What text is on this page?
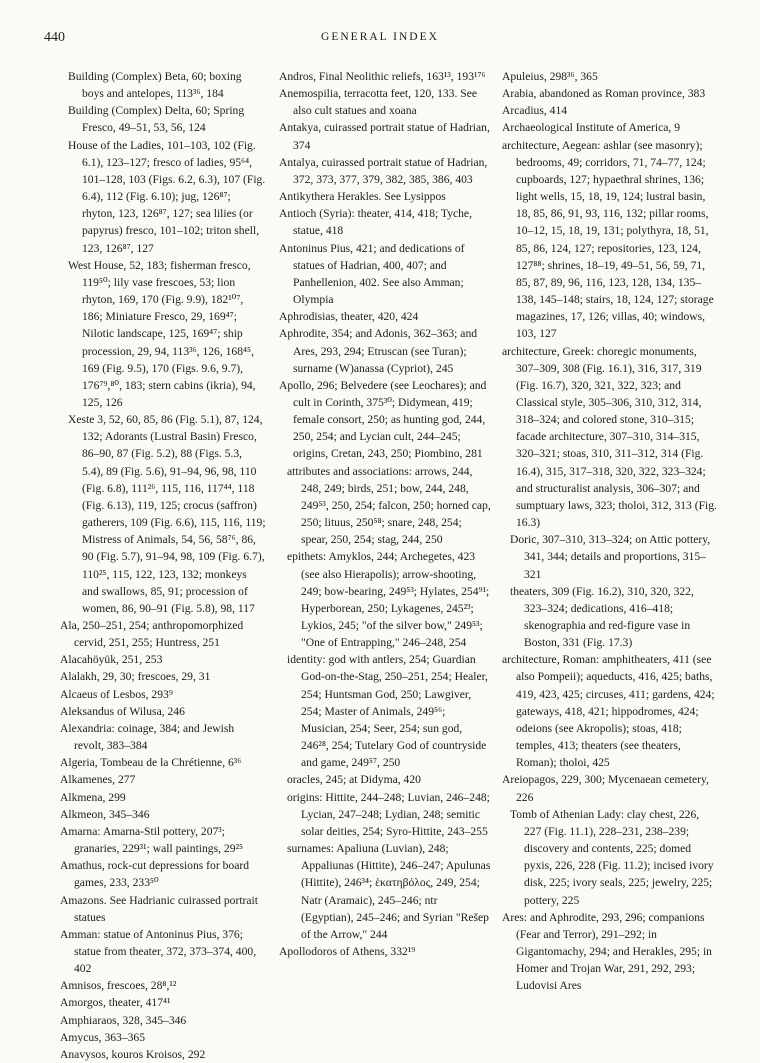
440	GENERAL INDEX

Building (Complex) Beta, 60; boxing boys and antelopes, 113³⁶, 184

Building (Complex) Delta, 60; Spring Fresco, 49–51, 53, 56, 124

House of the Ladies, 101–103, 102 (Fig. 6.1), 123–127; fresco of ladies, 95⁶⁴, 101–128, 103 (Figs. 6.2, 6.3), 107 (Fig. 6.4), 112 (Fig. 6.10); jug, 126⁸⁷; rhyton, 123, 126⁸⁷, 127; sea lilies (or papyrus) fresco, 101–102; triton shell, 123, 126⁸⁷, 127

West House, 52, 183; fisherman fresco, 119⁵⁰; lily vase frescoes, 53; lion rhyton, 169, 170 (Fig. 9.9), 182¹⁰⁷, 186; Miniature Fresco, 29, 169⁴⁷; Nilotic landscape, 125, 169⁴⁷; ship procession, 29, 94, 113³⁶, 126, 168⁴⁵, 169 (Fig. 9.5), 170 (Figs. 9.6, 9.7), 176⁷⁹,⁸⁰, 183; stern cabins (ikria), 94, 125, 126

Xeste 3, 52, 60, 85, 86 (Fig. 5.1), 87, 124, 132; Adorants (Lustral Basin) Fresco, 86–90, 87 (Fig. 5.2), 88 (Figs. 5.3, 5.4), 89 (Fig. 5.6), 91–94, 96, 98, 110 (Fig. 6.8), 111²⁶, 115, 116, 117⁴⁴, 118 (Fig. 6.13), 119, 125; crocus (saffron) gatherers, 109 (Fig. 6.6), 115, 116, 119; Mistress of Animals, 54, 56, 58⁷⁶, 86, 90 (Fig. 5.7), 91–94, 98, 109 (Fig. 6.7), 110²⁵, 115, 122, 123, 132; monkeys and swallows, 85, 91; procession of women, 86, 90–91 (Fig. 5.8), 98, 117

Ala, 250–251, 254; anthropomorphized cervid, 251, 255; Huntress, 251

Alacahöyük, 251, 253

Alalakh, 29, 30; frescoes, 29, 31

Alcaeus of Lesbos, 293⁹

Aleksandus of Wilusa, 246

Alexandria: coinage, 384; and Jewish revolt, 383–384

Algeria, Tombeau de la Chrétienne, 6³⁶

Alkamenes, 277

Alkmena, 299

Alkmeon, 345–346

Amarna: Amarna-Stil pottery, 207³; granaries, 229³¹; wall paintings, 29²⁵

Amathus, rock-cut depressions for board games, 233, 233⁵⁰

Amazons. See Hadrianic cuirassed portrait statues

Amman: statue of Antoninus Pius, 376; statue from theater, 372, 373–374, 400, 402

Amnisos, frescoes, 28⁸,¹²

Amorgos, theater, 417⁴¹

Amphiaraos, 328, 345–346

Amycus, 363–365

Anavysos, kouros Kroisos, 292

Andros, Final Neolithic reliefs, 163¹³, 193¹⁷⁶

Anemospilia, terracotta feet, 120, 133. See also cult statues and xoana

Antakya, cuirassed portrait statue of Hadrian, 374

Antalya, cuirassed portrait statue of Hadrian, 372, 373, 377, 379, 382, 385, 386, 403

Antikythera Herakles. See Lysippos

Antioch (Syria): theater, 414, 418; Tyche, statue, 418

Antoninus Pius, 421; and dedications of statues of Hadrian, 400, 407; and Panhellenion, 402. See also Amman; Olympia

Aphrodisias, theater, 420, 424

Aphrodite, 354; and Adonis, 362–363; and Ares, 293, 294; Etruscan (see Turan); surname (W)anassa (Cypriot), 245

Apollo, 296; Belvedere (see Leochares); and cult in Corinth, 375³⁰; Didymean, 419; female consort, 250; as hunting god, 244, 250, 254; and Lycian cult, 244–245; origins, Cretan, 243, 250; Piombino, 281

attributes and associations: arrows, 244, 248, 249; birds, 251; bow, 244, 248, 249⁵³, 250, 254; falcon, 250; horned cap, 250; lituus, 250⁵⁸; snare, 248, 254; spear, 250, 254; stag, 244, 250

epithets: Amyklos, 244; Archegetes, 423 (see also Hierapolis); arrow-shooting, 249; bow-bearing, 249⁵³; Hylates, 254⁹¹; Hyperborean, 250; Lykagenes, 245²³; Lykios, 245; "of the silver bow," 249⁵³; "One of Entrapping," 246–248, 254

identity: god with antlers, 254; Guardian God-on-the-Stag, 250–251, 254; Healer, 254; Huntsman God, 250; Lawgiver, 254; Master of Animals, 249⁵⁶; Musician, 254; Seer, 254; sun god, 246²⁸, 254; Tutelary God of countryside and game, 249⁵⁷, 250

oracles, 245; at Didyma, 420

origins: Hittite, 244–248; Luvian, 246–248; Lycian, 247–248; Lydian, 248; semitic solar deities, 254; Syro-Hittite, 243–255

surnames: Apaliuna (Luvian), 248; Appaliunas (Hittite), 246–247; Apulunas (Hittite), 246³⁴; ἑκατηβόλος, 249, 254; Natr (Aramaic), 245–246; ntr (Egyptian), 245–246; and Syrian "Rešep of the Arrow," 244

Apollodoros of Athens, 332¹⁹

Apuleius, 298³⁶, 365

Arabia, abandoned as Roman province, 383

Arcadius, 414

Archaeological Institute of America, 9

architecture, Aegean: ashlar (see masonry); bedrooms, 49; corridors, 71, 74–77, 124; cupboards, 127; hypaethral shrines, 136; light wells, 15, 18, 19, 124; lustral basin, 18, 85, 86, 91, 93, 116, 132; pillar rooms, 10–12, 15, 18, 19, 131; polythyra, 18, 51, 85, 86, 124, 127; repositories, 123, 124, 127⁸⁸; shrines, 18–19, 49–51, 56, 59, 71, 85, 87, 89, 96, 116, 123, 128, 134, 135–138, 145–148; stairs, 18, 124, 127; storage magazines, 17, 126; villas, 40; windows, 103, 127

architecture, Greek: choregic monuments, 307–309, 308 (Fig. 16.1), 316, 317, 319 (Fig. 16.7), 320, 321, 322, 323; and Classical style, 305–306, 310, 312, 314, 318–324; and colored stone, 310–315; facade architecture, 307–310, 314–315, 320–321; stoas, 310, 311–312, 314 (Fig. 16.4), 315, 317–318, 320, 322, 323–324; and structuralist analysis, 306–307; and sumptuary laws, 323; tholoi, 312, 313 (Fig. 16.3)

Doric, 307–310, 313–324; on Attic pottery, 341, 344; details and proportions, 315–321

theaters, 309 (Fig. 16.2), 310, 320, 322, 323–324; dedications, 416–418; skenographia and red-figure vase in Boston, 331 (Fig. 17.3)

architecture, Roman: amphitheaters, 411 (see also Pompeii); aqueducts, 416, 425; baths, 419, 423, 425; circuses, 411; gardens, 424; gateways, 418, 421; hippodromes, 424; odeions (see Akropolis); stoas, 418; temples, 413; theaters (see theaters, Roman); tholoi, 425

Areiopagos, 229, 300; Mycenaean cemetery, 226

Tomb of Athenian Lady: clay chest, 226, 227 (Fig. 11.1), 228–231, 238–239; discovery and contents, 225; domed pyxis, 226, 228 (Fig. 11.2); incised ivory disk, 225; ivory seals, 225; jewelry, 225; pottery, 225

Ares: and Aphrodite, 293, 296; companions (Fear and Terror), 291–292; in Gigantomachy, 294; and Herakles, 295; in Homer and Trojan War, 291, 292, 293; Ludovisi Ares
